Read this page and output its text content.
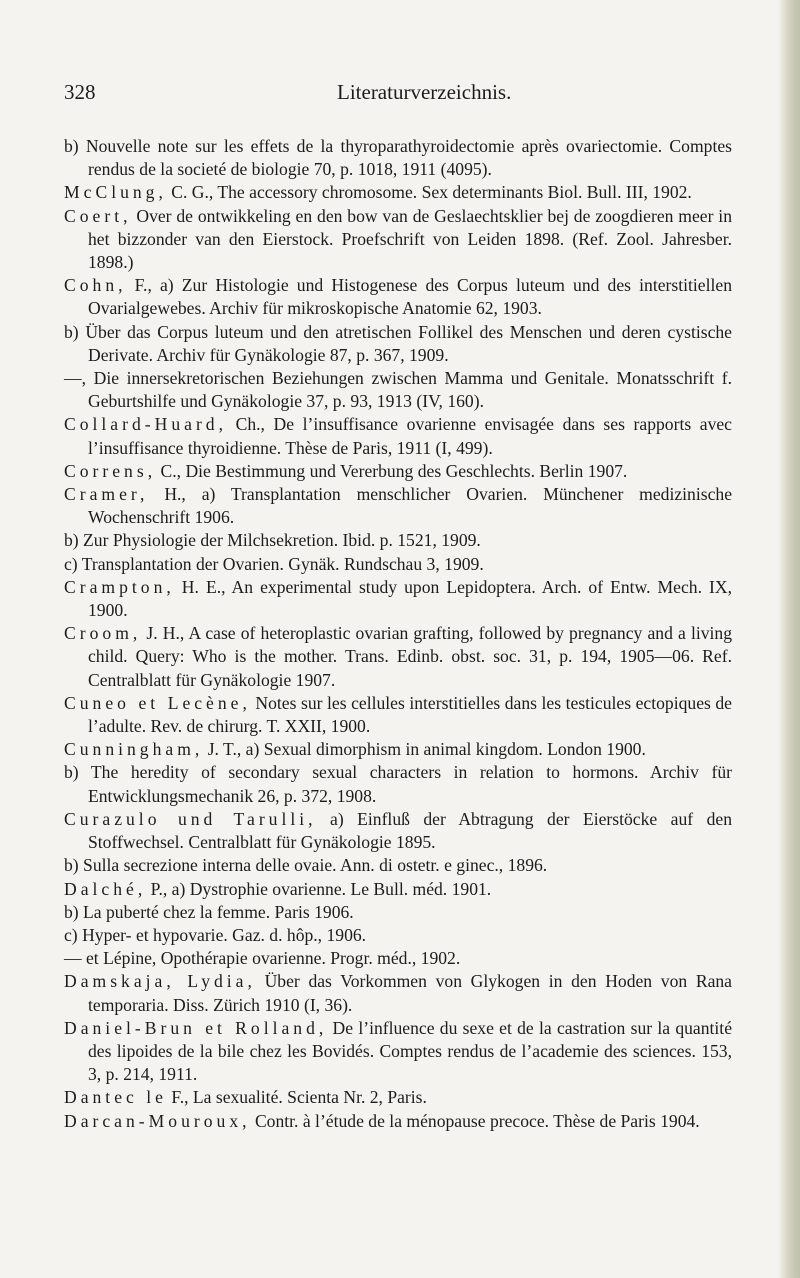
328	Literaturverzeichnis.

b) Nouvelle note sur les effets de la thyroparathyroidectomie après ovariectomie. Comptes rendus de la societé de biologie 70, p. 1018, 1911 (4095).

McClung, C. G., The accessory chromosome. Sex determinants Biol. Bull. III, 1902.

Coert, Over de ontwikkeling en den bow van de Geslaechtsklier bej de zoogdieren meer in het bizzonder van den Eierstock. Proefschrift von Leiden 1898. (Ref. Zool. Jahresber. 1898.)

Cohn, F., a) Zur Histologie und Histogenese des Corpus luteum und des interstitiellen Ovarialgewebes. Archiv für mikroskopische Anatomie 62, 1903.

b) Über das Corpus luteum und den atretischen Follikel des Menschen und deren cystische Derivate. Archiv für Gynäkologie 87, p. 367, 1909.

—, Die innersekretorischen Beziehungen zwischen Mamma und Genitale. Monatsschrift f. Geburtshilfe und Gynäkologie 37, p. 93, 1913 (IV, 160).

Collard-Huard, Ch., De l’insuffisance ovarienne envisagée dans ses rapports avec l’insuffisance thyroidienne. Thèse de Paris, 1911 (I, 499).

Correns, C., Die Bestimmung und Vererbung des Geschlechts. Berlin 1907.

Cramer, H., a) Transplantation menschlicher Ovarien. Münchener medizinische Wochenschrift 1906.

b) Zur Physiologie der Milchsekretion. Ibid. p. 1521, 1909.

c) Transplantation der Ovarien. Gynäk. Rundschau 3, 1909.

Crampton, H. E., An experimental study upon Lepidoptera. Arch. of Entw. Mech. IX, 1900.

Croom, J. H., A case of heteroplastic ovarian grafting, followed by pregnancy and a living child. Query: Who is the mother. Trans. Edinb. obst. soc. 31, p. 194, 1905—06. Ref. Centralblatt für Gynäkologie 1907.

Cuneo et Lecène, Notes sur les cellules interstitielles dans les testicules ectopiques de l’adulte. Rev. de chirurg. T. XXII, 1900.

Cunningham, J. T., a) Sexual dimorphism in animal kingdom. London 1900.

b) The heredity of secondary sexual characters in relation to hormons. Archiv für Entwicklungsmechanik 26, p. 372, 1908.

Curazulo und Tarulli, a) Einfluß der Abtragung der Eierstöcke auf den Stoffwechsel. Centralblatt für Gynäkologie 1895.

b) Sulla secrezione interna delle ovaie. Ann. di ostetr. e ginec., 1896.

Dalché, P., a) Dystrophie ovarienne. Le Bull. méd. 1901.

b) La puberté chez la femme. Paris 1906.

c) Hyper- et hypovarie. Gaz. d. hôp., 1906.

— et Lépine, Opothérapie ovarienne. Progr. méd., 1902.

Damskaja, Lydia, Über das Vorkommen von Glykogen in den Hoden von Rana temporaria. Diss. Zürich 1910 (I, 36).

Daniel-Brun et Rolland, De l’influence du sexe et de la castration sur la quantité des lipoides de la bile chez les Bovidés. Comptes rendus de l’academie des sciences. 153, 3, p. 214, 1911.

Dantec le F., La sexualité. Scienta Nr. 2, Paris.

Darcan-Mouroux, Contr. à l’étude de la ménopause precoce. Thèse de Paris 1904.
